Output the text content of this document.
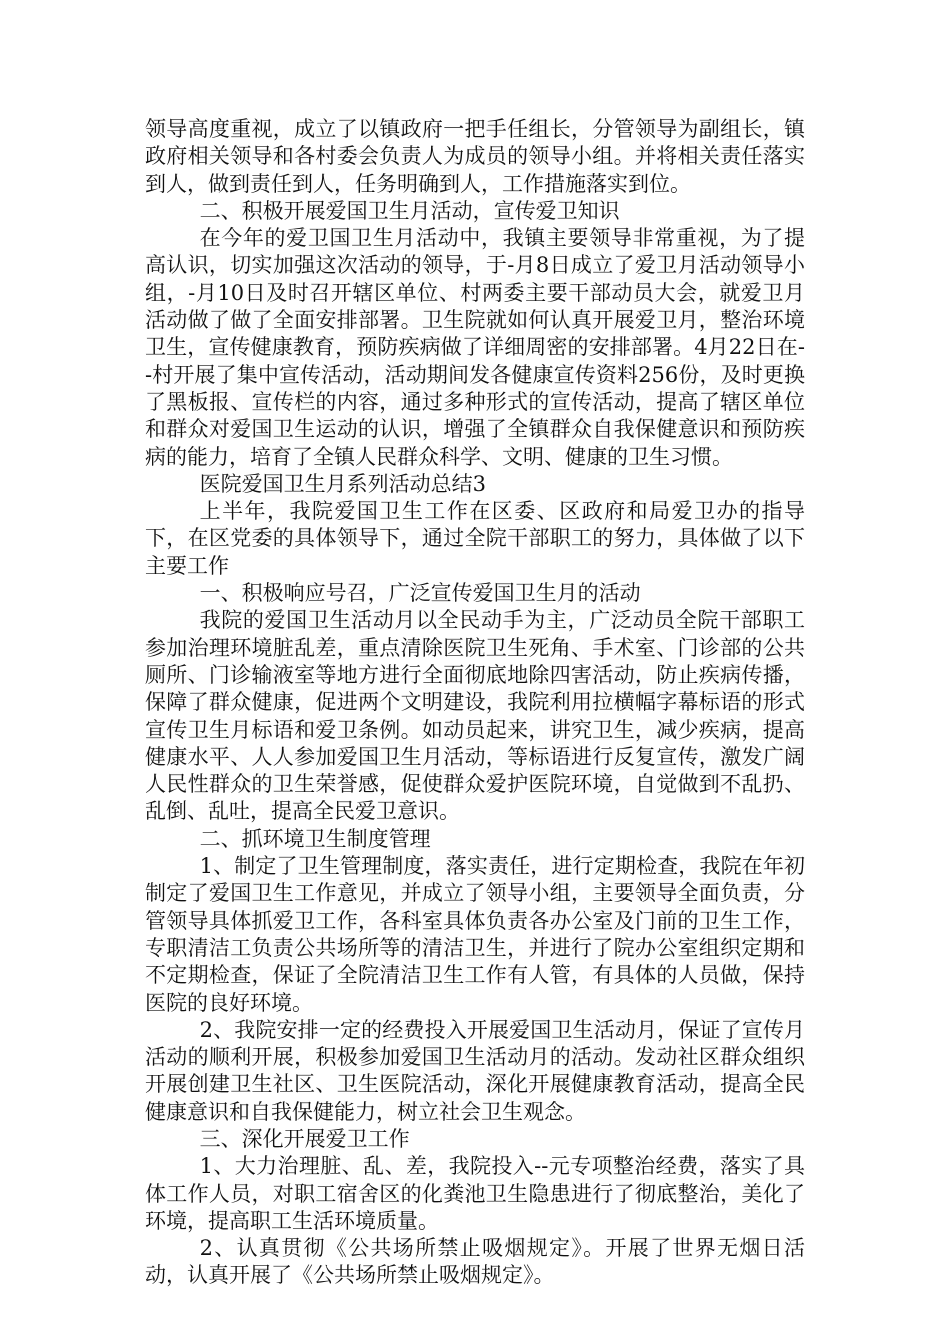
领导高度重视，成立了以镇政府一把手任组长，分管领导为副组长，镇政府相关领导和各村委会负责人为成员的领导小组。并将相关责任落实到人，做到责任到人，任务明确到人，工作措施落实到位。

二、积极开展爱国卫生月活动，宣传爱卫知识

在今年的爱卫国卫生月活动中，我镇主要领导非常重视，为了提高认识，切实加强这次活动的领导，于-月8日成立了爱卫月活动领导小组，-月10日及时召开辖区单位、村两委主要干部动员大会，就爱卫月活动做了做了全面安排部署。卫生院就如何认真开展爱卫月，整治环境卫生，宣传健康教育，预防疾病做了详细周密的安排部署。4月22日在--村开展了集中宣传活动，活动期间发各健康宣传资料256份，及时更换了黑板报、宣传栏的内容，通过多种形式的宣传活动，提高了辖区单位和群众对爱国卫生运动的认识，增强了全镇群众自我保健意识和预防疾病的能力，培育了全镇人民群众科学、文明、健康的卫生习惯。

医院爱国卫生月系列活动总结3

上半年，我院爱国卫生工作在区委、区政府和局爱卫办的指导下，在区党委的具体领导下，通过全院干部职工的努力，具体做了以下主要工作

一、积极响应号召，广泛宣传爱国卫生月的活动

我院的爱国卫生活动月以全民动手为主，广泛动员全院干部职工参加治理环境脏乱差，重点清除医院卫生死角、手术室、门诊部的公共厕所、门诊输液室等地方进行全面彻底地除四害活动，防止疾病传播，保障了群众健康，促进两个文明建设，我院利用拉横幅字幕标语的形式宣传卫生月标语和爱卫条例。如动员起来，讲究卫生，减少疾病，提高健康水平、人人参加爱国卫生月活动，等标语进行反复宣传，激发广阔人民性群众的卫生荣誉感，促使群众爱护医院环境，自觉做到不乱扔、乱倒、乱吐，提高全民爱卫意识。

二、抓环境卫生制度管理

1、制定了卫生管理制度，落实责任，进行定期检查，我院在年初制定了爱国卫生工作意见，并成立了领导小组，主要领导全面负责，分管领导具体抓爱卫工作，各科室具体负责各办公室及门前的卫生工作，专职清洁工负责公共场所等的清洁卫生，并进行了院办公室组织定期和不定期检查，保证了全院清洁卫生工作有人管，有具体的人员做，保持医院的良好环境。

2、我院安排一定的经费投入开展爱国卫生活动月，保证了宣传月活动的顺利开展，积极参加爱国卫生活动月的活动。发动社区群众组织开展创建卫生社区、卫生医院活动，深化开展健康教育活动，提高全民健康意识和自我保健能力，树立社会卫生观念。

三、深化开展爱卫工作

1、大力治理脏、乱、差，我院投入--元专项整治经费，落实了具体工作人员，对职工宿舍区的化粪池卫生隐患进行了彻底整治，美化了环境，提高职工生活环境质量。

2、认真贯彻《公共场所禁止吸烟规定》。开展了世界无烟日活动，认真开展了《公共场所禁止吸烟规定》。
